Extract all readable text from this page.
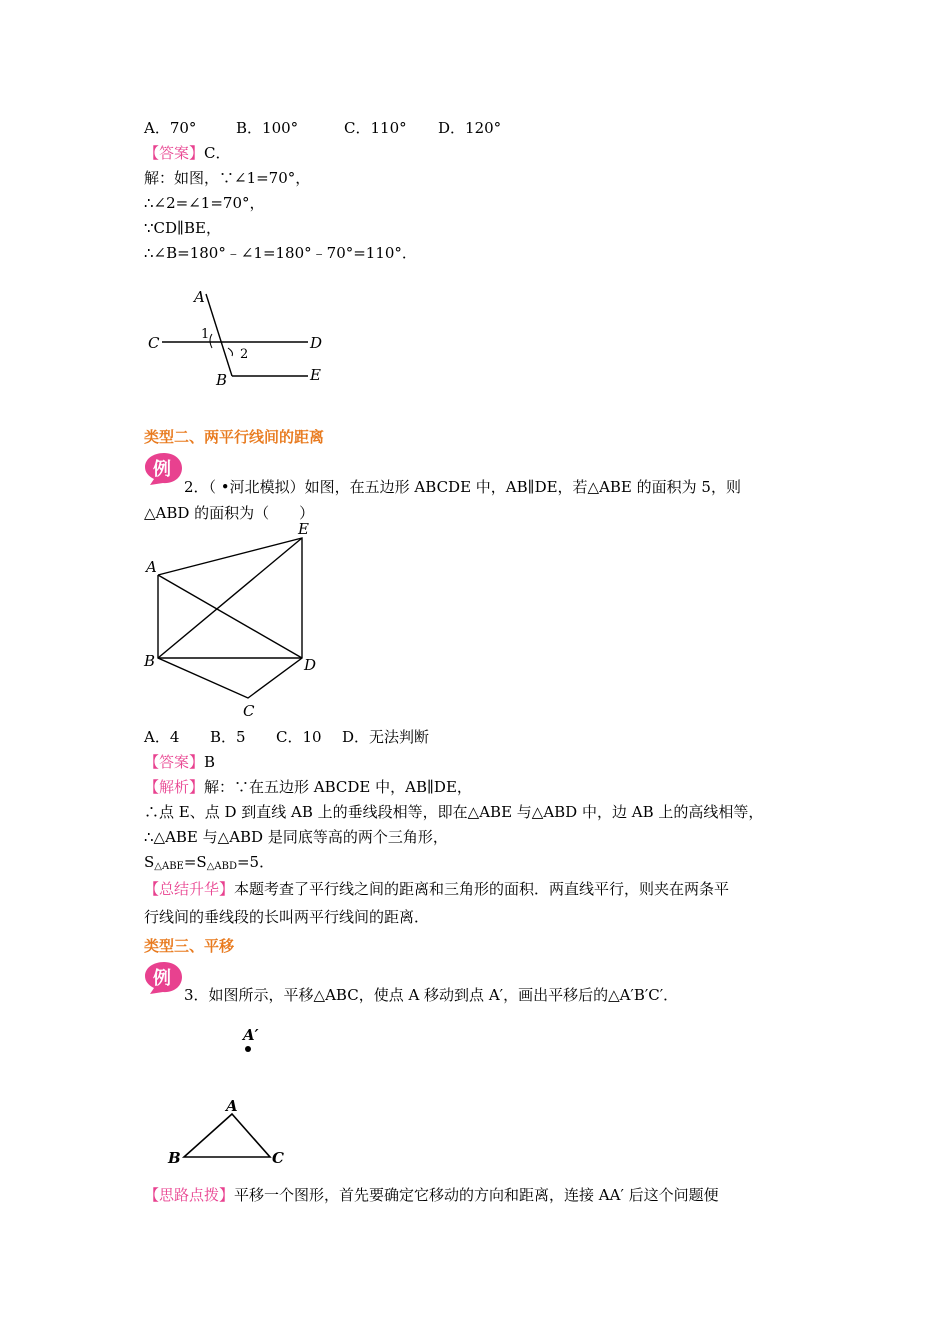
A．70°	B．100°	C．110° D．120°
【答案】C．
解：如图，∵∠1=70°，
∴∠2=∠1=70°，
∵CD∥BE，
∴∠B=180°﹣∠1=180°﹣70°=110°．
A
C	D
B	E
1
2
类型二、两平行线间的距离
例
2．（ •河北模拟）如图，在五边形 ABCDE 中，AB∥DE，若△ABE 的面积为 5，则
△ABD 的面积为（　　）
A
B
C
D
E
A．4 B．5 C．10 D．无法判断
【答案】B
【解析】解：∵在五边形 ABCDE 中，AB∥DE，
∴点 E、点 D 到直线 AB 上的垂线段相等，即在△ABE 与△ABD 中，边 AB 上的高线相等，
∴△ABE 与△ABD 是同底等高的两个三角形，
$S_{\triangle ABE}=S_{\triangle ABD}=5$．
【总结升华】本题考查了平行线之间的距离和三角形的面积．两直线平行，则夹在两条平
行线间的垂线段的长叫两平行线间的距离．
类型三、平移
例
3．如图所示，平移△ABC，使点 A 移动到点 A′，画出平移后的△A′B′C′．
A′
A
B	C
【思路点拨】平移一个图形，首先要确定它移动的方向和距离，连接 AA′ 后这个问题便
